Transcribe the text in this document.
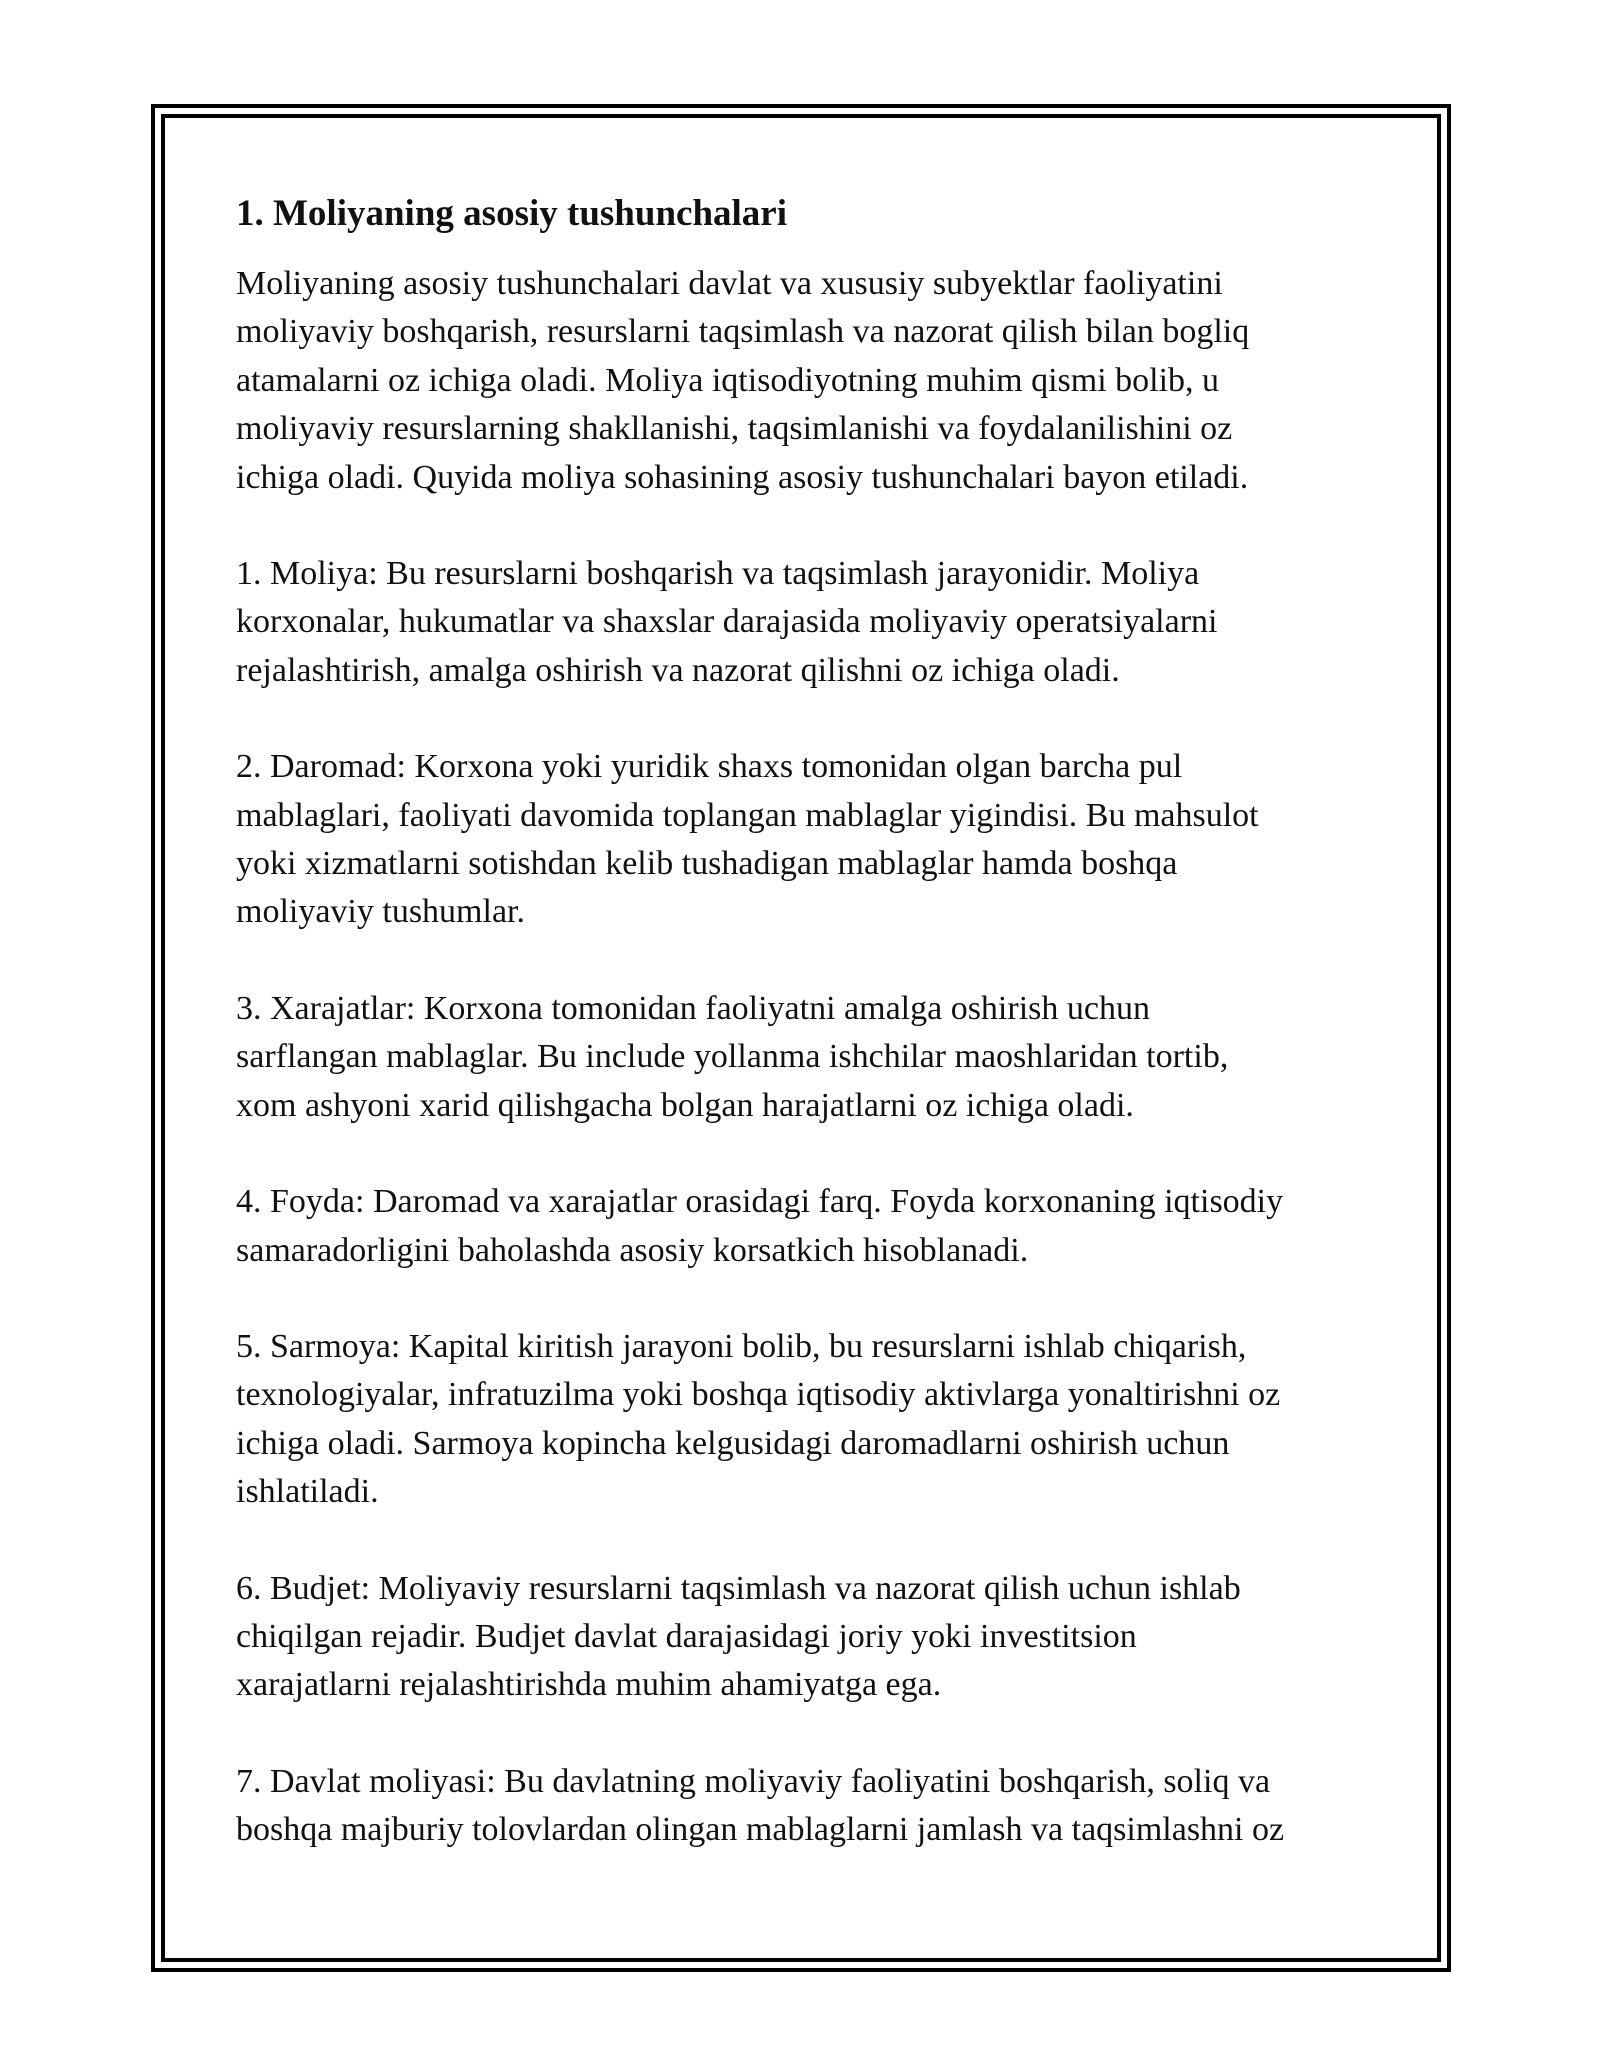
1. Moliyaning asosiy tushunchalari

Moliyaning asosiy tushunchalari davlat va xususiy subyektlar faoliyatini
moliyaviy boshqarish, resurslarni taqsimlash va nazorat qilish bilan bogliq
atamalarni oz ichiga oladi. Moliya iqtisodiyotning muhim qismi bolib, u
moliyaviy resurslarning shakllanishi, taqsimlanishi va foydalanilishini oz
ichiga oladi. Quyida moliya sohasining asosiy tushunchalari bayon etiladi.

1. Moliya: Bu resurslarni boshqarish va taqsimlash jarayonidir. Moliya
korxonalar, hukumatlar va shaxslar darajasida moliyaviy operatsiyalarni
rejalashtirish, amalga oshirish va nazorat qilishni oz ichiga oladi.

2. Daromad: Korxona yoki yuridik shaxs tomonidan olgan barcha pul
mablaglari, faoliyati davomida toplangan mablaglar yigindisi. Bu mahsulot
yoki xizmatlarni sotishdan kelib tushadigan mablaglar hamda boshqa
moliyaviy tushumlar.

3. Xarajatlar: Korxona tomonidan faoliyatni amalga oshirish uchun
sarflangan mablaglar. Bu include yollanma ishchilar maoshlaridan tortib,
xom ashyoni xarid qilishgacha bolgan harajatlarni oz ichiga oladi.

4. Foyda: Daromad va xarajatlar orasidagi farq. Foyda korxonaning iqtisodiy
samaradorligini baholashda asosiy korsatkich hisoblanadi.

5. Sarmoya: Kapital kiritish jarayoni bolib, bu resurslarni ishlab chiqarish,
texnologiyalar, infratuzilma yoki boshqa iqtisodiy aktivlarga yonaltirishni oz
ichiga oladi. Sarmoya kopincha kelgusidagi daromadlarni oshirish uchun
ishlatiladi.

6. Budjet: Moliyaviy resurslarni taqsimlash va nazorat qilish uchun ishlab
chiqilgan rejadir. Budjet davlat darajasidagi joriy yoki investitsion
xarajatlarni rejalashtirishda muhim ahamiyatga ega.

7. Davlat moliyasi: Bu davlatning moliyaviy faoliyatini boshqarish, soliq va
boshqa majburiy tolovlardan olingan mablaglarni jamlash va taqsimlashni oz
